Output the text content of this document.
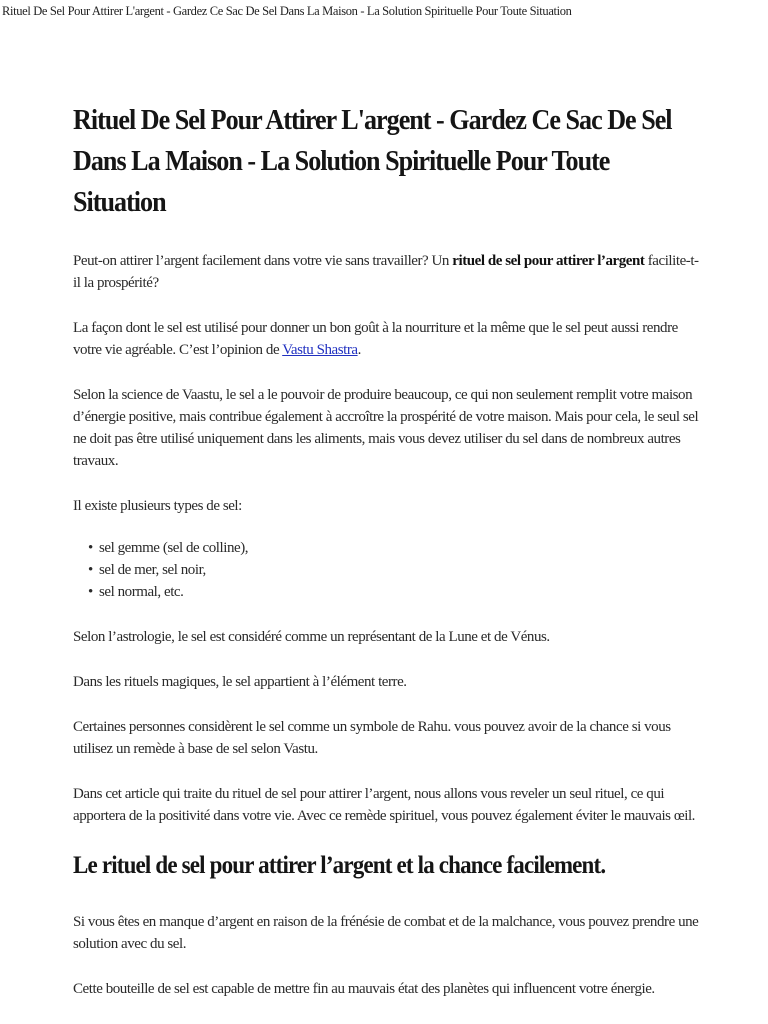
Rituel De Sel Pour Attirer L'argent - Gardez Ce Sac De Sel Dans La Maison - La Solution Spirituelle Pour Toute Situation
Rituel De Sel Pour Attirer L'argent - Gardez Ce Sac De Sel Dans La Maison - La Solution Spirituelle Pour Toute Situation

Peut-on attirer l’argent facilement dans votre vie sans travailler? Un rituel de sel pour attirer l’argent facilite-t-il la prospérité?

La façon dont le sel est utilisé pour donner un bon goût à la nourriture et la même que le sel peut aussi rendre votre vie agréable. C’est l’opinion de Vastu Shastra.

Selon la science de Vaastu, le sel a le pouvoir de produire beaucoup, ce qui non seulement remplit votre maison d’énergie positive, mais contribue également à accroître la prospérité de votre maison. Mais pour cela, le seul sel ne doit pas être utilisé uniquement dans les aliments, mais vous devez utiliser du sel dans de nombreux autres travaux.

Il existe plusieurs types de sel:

• sel gemme (sel de colline),
• sel de mer, sel noir,
• sel normal, etc.

Selon l’astrologie, le sel est considéré comme un représentant de la Lune et de Vénus.

Dans les rituels magiques, le sel appartient à l’élément terre.

Certaines personnes considèrent le sel comme un symbole de Rahu. vous pouvez avoir de la chance si vous utilisez un remède à base de sel selon Vastu.

Dans cet article qui traite du rituel de sel pour attirer l’argent, nous allons vous reveler un seul rituel, ce qui apportera de la positivité dans votre vie. Avec ce remède spirituel, vous pouvez également éviter le mauvais œil.

Le rituel de sel pour attirer l’argent et la chance facilement.

Si vous êtes en manque d’argent en raison de la frénésie de combat et de la malchance, vous pouvez prendre une solution avec du sel.

Cette bouteille de sel est capable de mettre fin au mauvais état des planètes qui influencent votre énergie.
